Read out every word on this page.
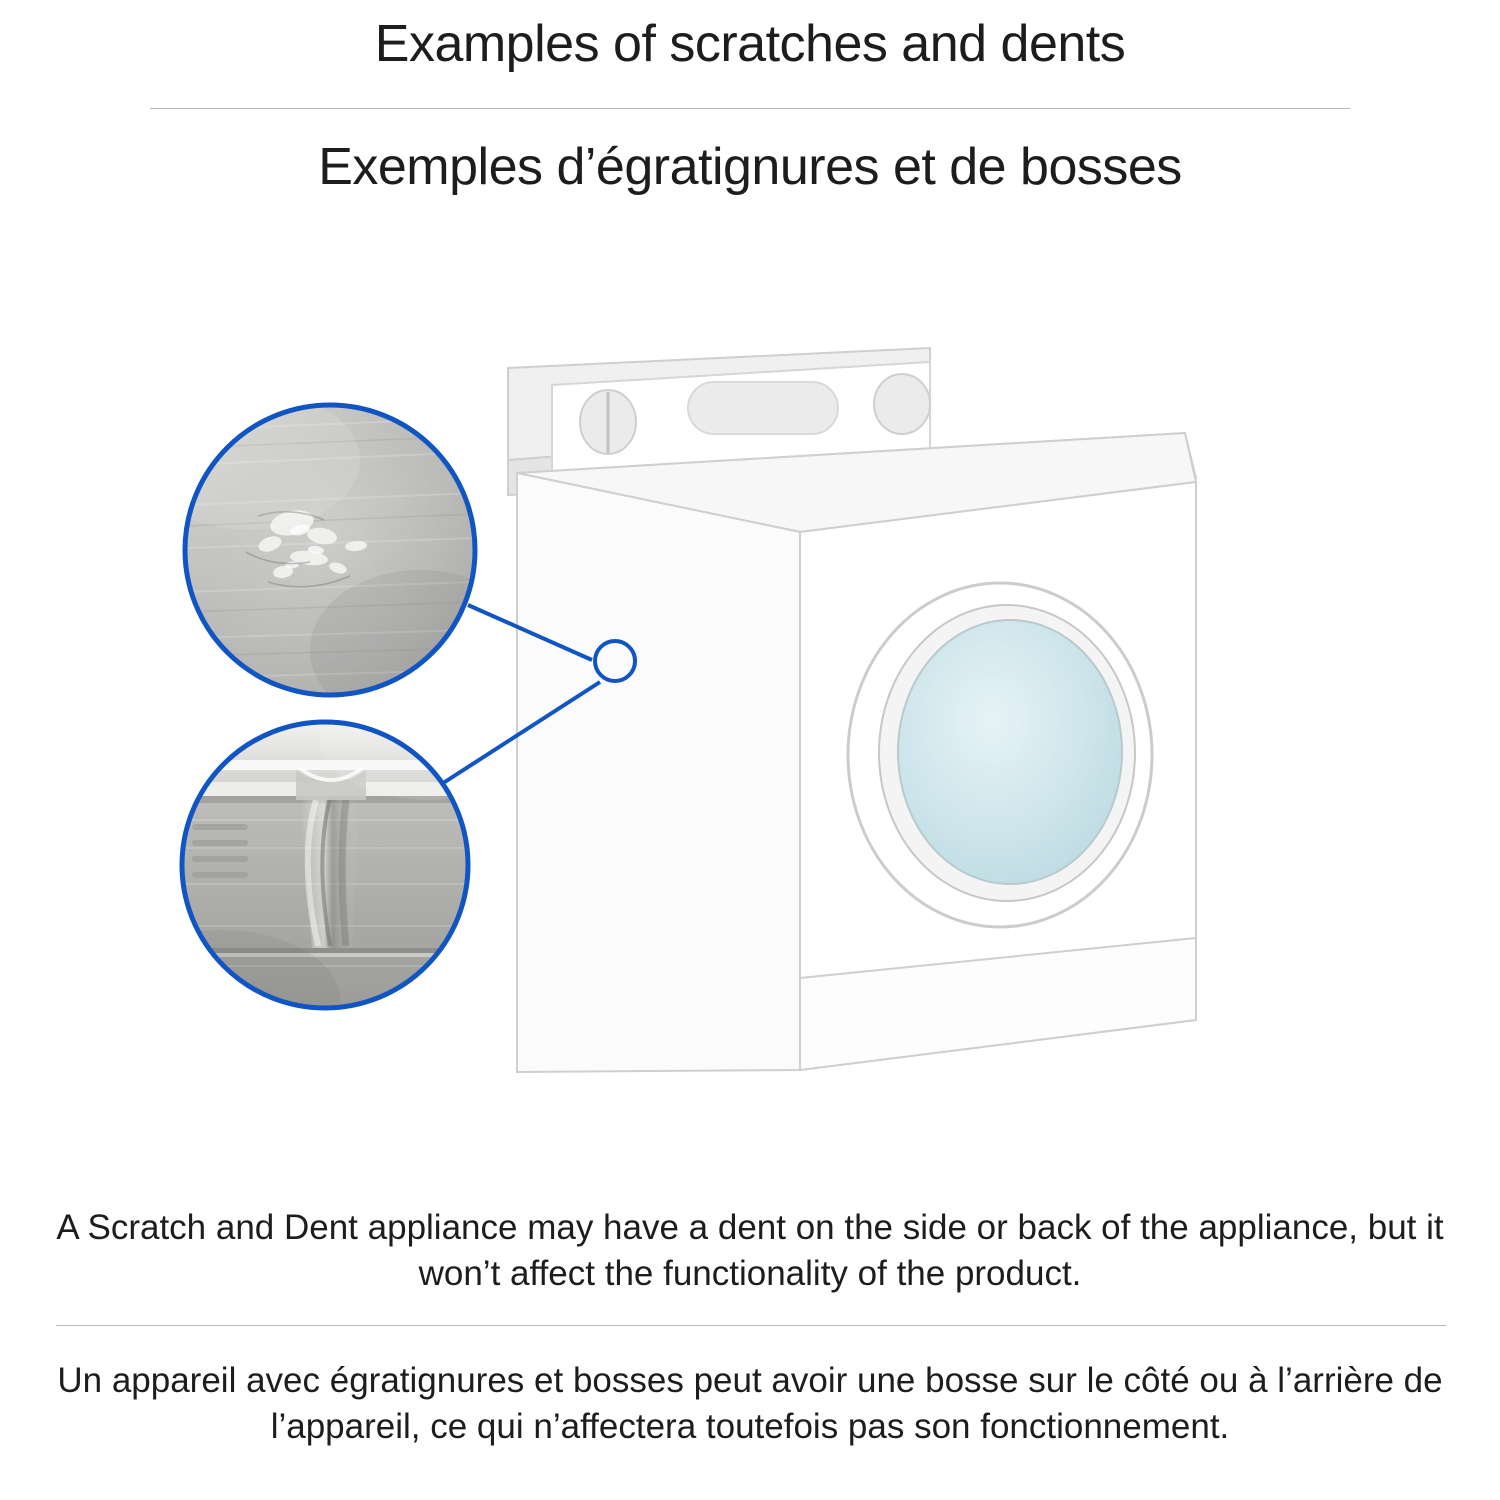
Examples of scratches and dents
Exemples d’égratignures et de bosses
A Scratch and Dent appliance may have a dent on the side or back of the appliance, but it won’t affect the functionality of the product.
Un appareil avec égratignures et bosses peut avoir une bosse sur le côté ou à l’arrière de l’appareil, ce qui n’affectera toutefois pas son fonctionnement.
